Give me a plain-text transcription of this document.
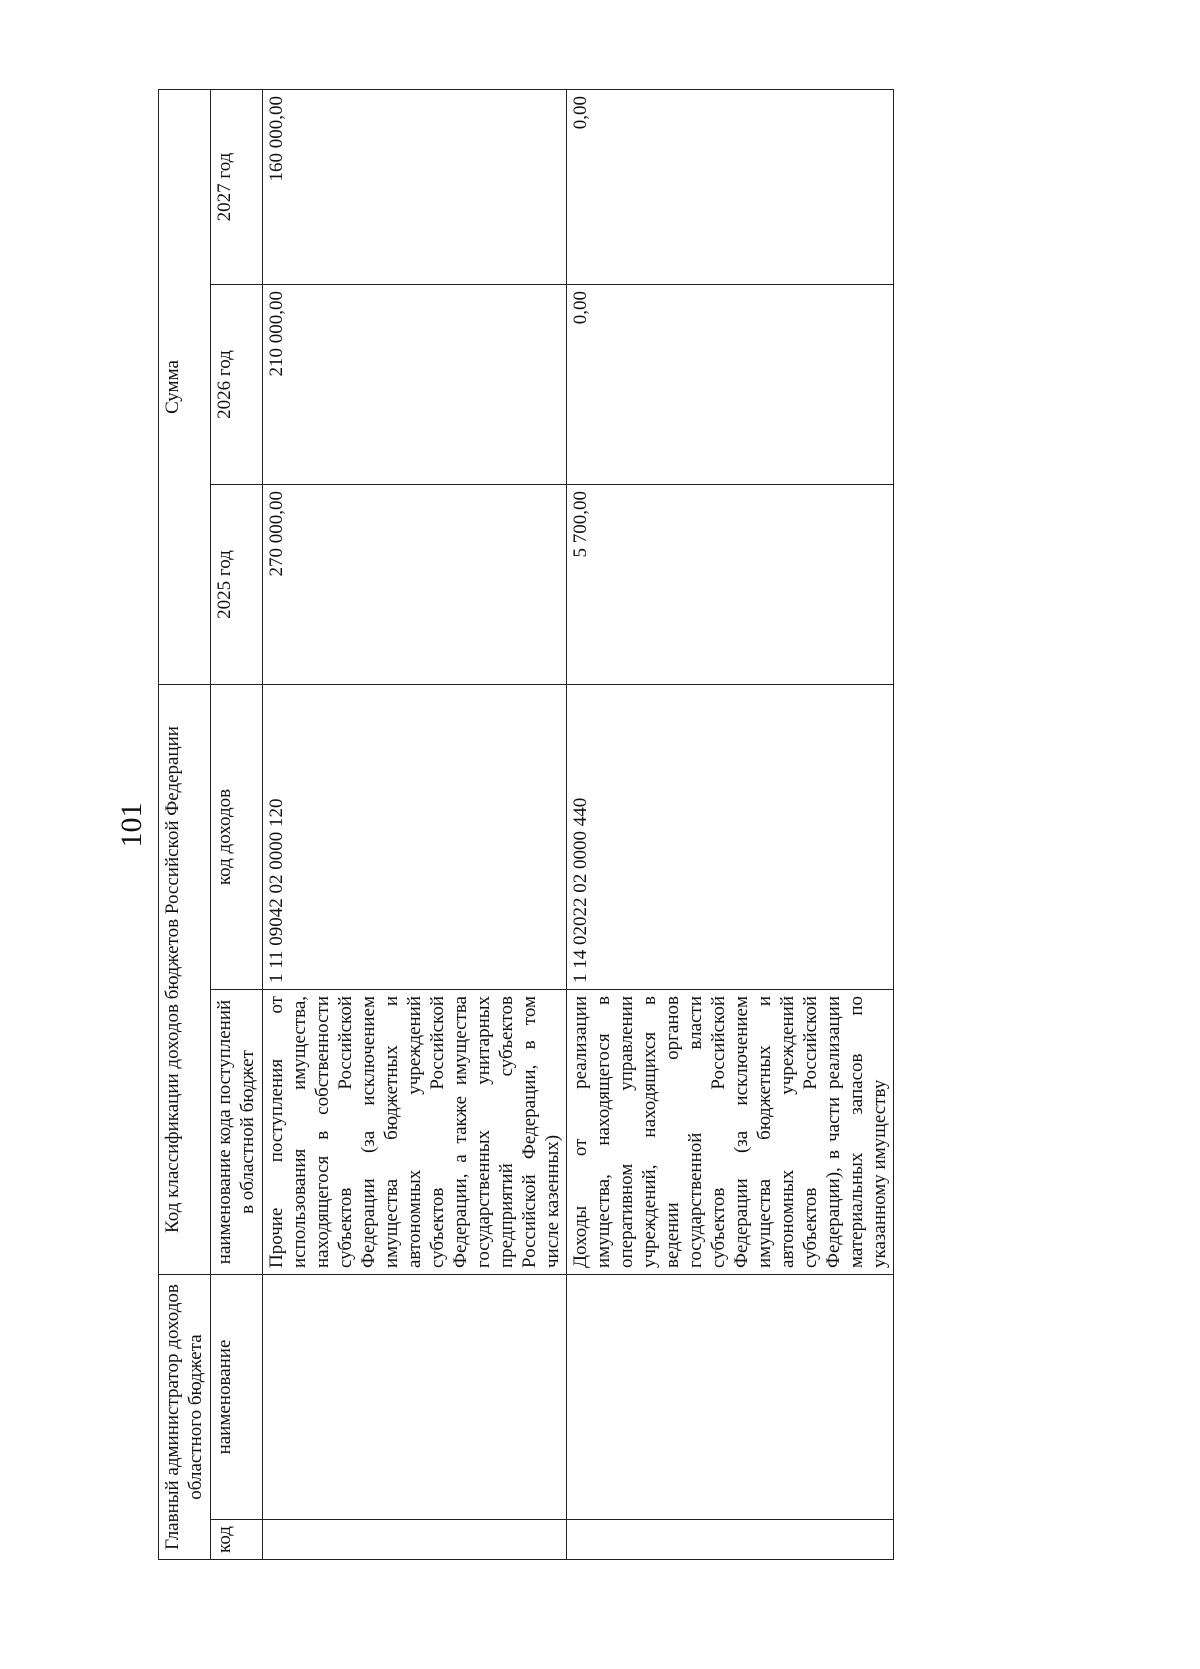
101
Главный администратор доходов областного бюджета		Код классификации доходов бюджетов Российской Федерации		Сумма		
код	наименование	наименование кода поступлений в областной бюджет	код доходов	2025 год	2026 год	2027 год
		Прочие поступления от использования имущества, находящегося в собственности субъектов Российской Федерации (за исключением имущества бюджетных и автономных учреждений субъектов Российской Федерации, а также имущества государственных унитарных предприятий субъектов Российской Федерации, в том числе казенных)	1 11 09042 02 0000 120	270 000,00	210 000,00	160 000,00
		Доходы от реализации имущества, находящегося в оперативном управлении учреждений, находящихся в ведении органов государственной власти субъектов Российской Федерации (за исключением имущества бюджетных и автономных учреждений субъектов Российской Федерации), в части реализации материальных запасов по указанному имуществу	1 14 02022 02 0000 440	5 700,00	0,00	0,00
